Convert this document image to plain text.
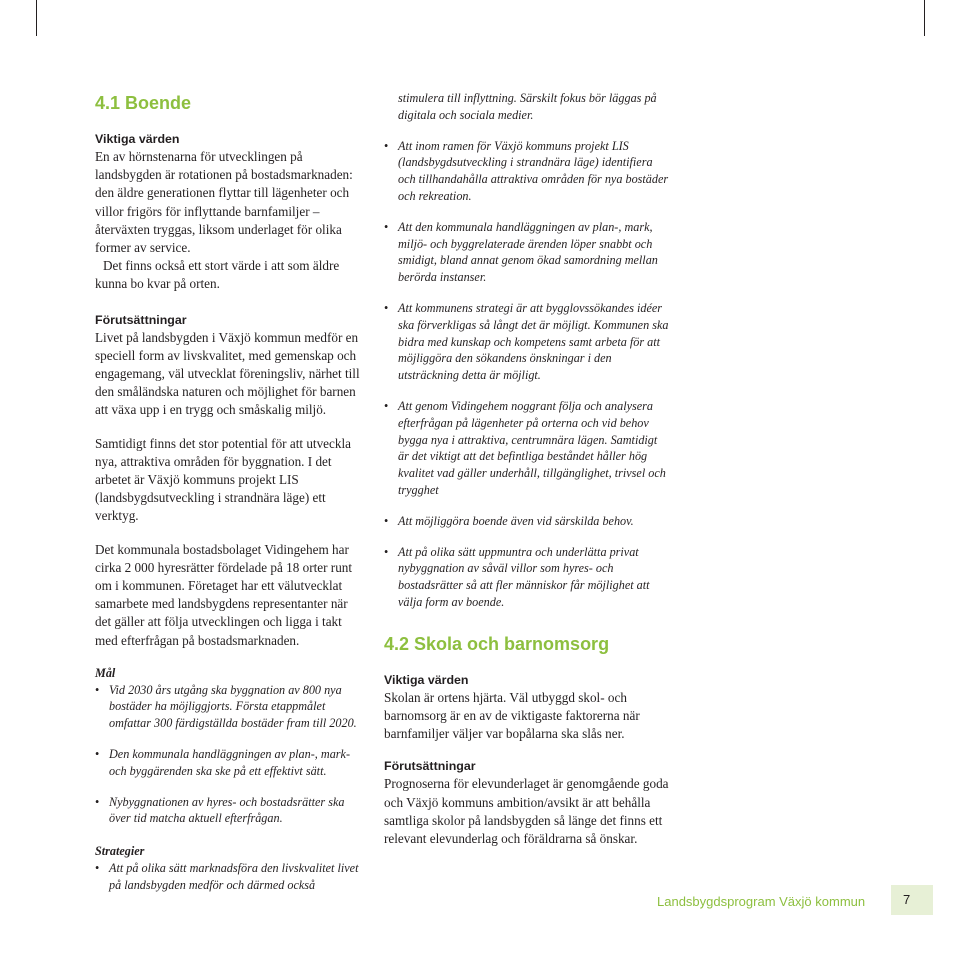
4.1 Boende

Viktiga värden

En av hörnstenarna för utvecklingen på landsbygden är rotationen på bostadsmarknaden: den äldre generationen flyttar till lägenheter och villor frigörs för inflyttande barnfamiljer – återväxten tryggas, liksom underlaget för olika former av service.

Det finns också ett stort värde i att som äldre kunna bo kvar på orten.

Förutsättningar

Livet på landsbygden i Växjö kommun medför en speciell form av livskvalitet, med gemenskap och engagemang, väl utvecklat föreningsliv, närhet till den småländska naturen och möjlighet för barnen att växa upp i en trygg och småskalig miljö.

Samtidigt finns det stor potential för att utveckla nya, attraktiva områden för byggnation. I det arbetet är Växjö kommuns projekt LIS (landsbygdsutveckling i strandnära läge) ett verktyg.

Det kommunala bostadsbolaget Vidingehem har cirka 2 000 hyresrätter fördelade på 18 orter runt om i kommunen. Företaget har ett välutvecklat samarbete med landsbygdens representanter när det gäller att följa utvecklingen och ligga i takt med efterfrågan på bostadsmarknaden.

Mål

• Vid 2030 års utgång ska byggnation av 800 nya bostäder ha möjliggjorts. Första etappmålet omfattar 300 färdigställda bostäder fram till 2020.
• Den kommunala handläggningen av plan-, mark- och byggärenden ska ske på ett effektivt sätt.
• Nybyggnationen av hyres- och bostadsrätter ska över tid matcha aktuell efterfrågan.

Strategier

• Att på olika sätt marknadsföra den livskvalitet livet på landsbygden medför och därmed också

stimulera till inflyttning. Särskilt fokus bör läggas på digitala och sociala medier.

• Att inom ramen för Växjö kommuns projekt LIS (landsbygdsutveckling i strandnära läge) identifiera och tillhandahålla attraktiva områden för nya bostäder och rekreation.
• Att den kommunala handläggningen av plan-, mark, miljö- och byggrelaterade ärenden löper snabbt och smidigt, bland annat genom ökad samordning mellan berörda instanser.
• Att kommunens strategi är att bygglovssökandes idéer ska förverkligas så långt det är möjligt. Kommunen ska bidra med kunskap och kompetens samt arbeta för att möjliggöra den sökandens önskningar i den utsträckning detta är möjligt.
• Att genom Vidingehem noggrant följa och analysera efterfrågan på lägenheter på orterna och vid behov bygga nya i attraktiva, centrumnära lägen. Samtidigt är det viktigt att det befintliga beståndet håller hög kvalitet vad gäller underhåll, tillgänglighet, trivsel och trygghet
• Att möjliggöra boende även vid särskilda behov.
• Att på olika sätt uppmuntra och underlätta privat nybyggnation av såväl villor som hyres- och bostadsrätter så att fler människor får möjlighet att välja form av boende.
4.2 Skola och barnomsorg

Viktiga värden

Skolan är ortens hjärta. Väl utbyggd skol- och barnomsorg är en av de viktigaste faktorerna när barnfamiljer väljer var bopålarna ska slås ner.

Förutsättningar

Prognoserna för elevunderlaget är genomgående goda och Växjö kommuns ambition/avsikt är att behålla samtliga skolor på landsbygden så länge det finns ett relevant elevunderlag och föräldrarna så önskar.

Landsbygdsprogram Växjö kommun	7
